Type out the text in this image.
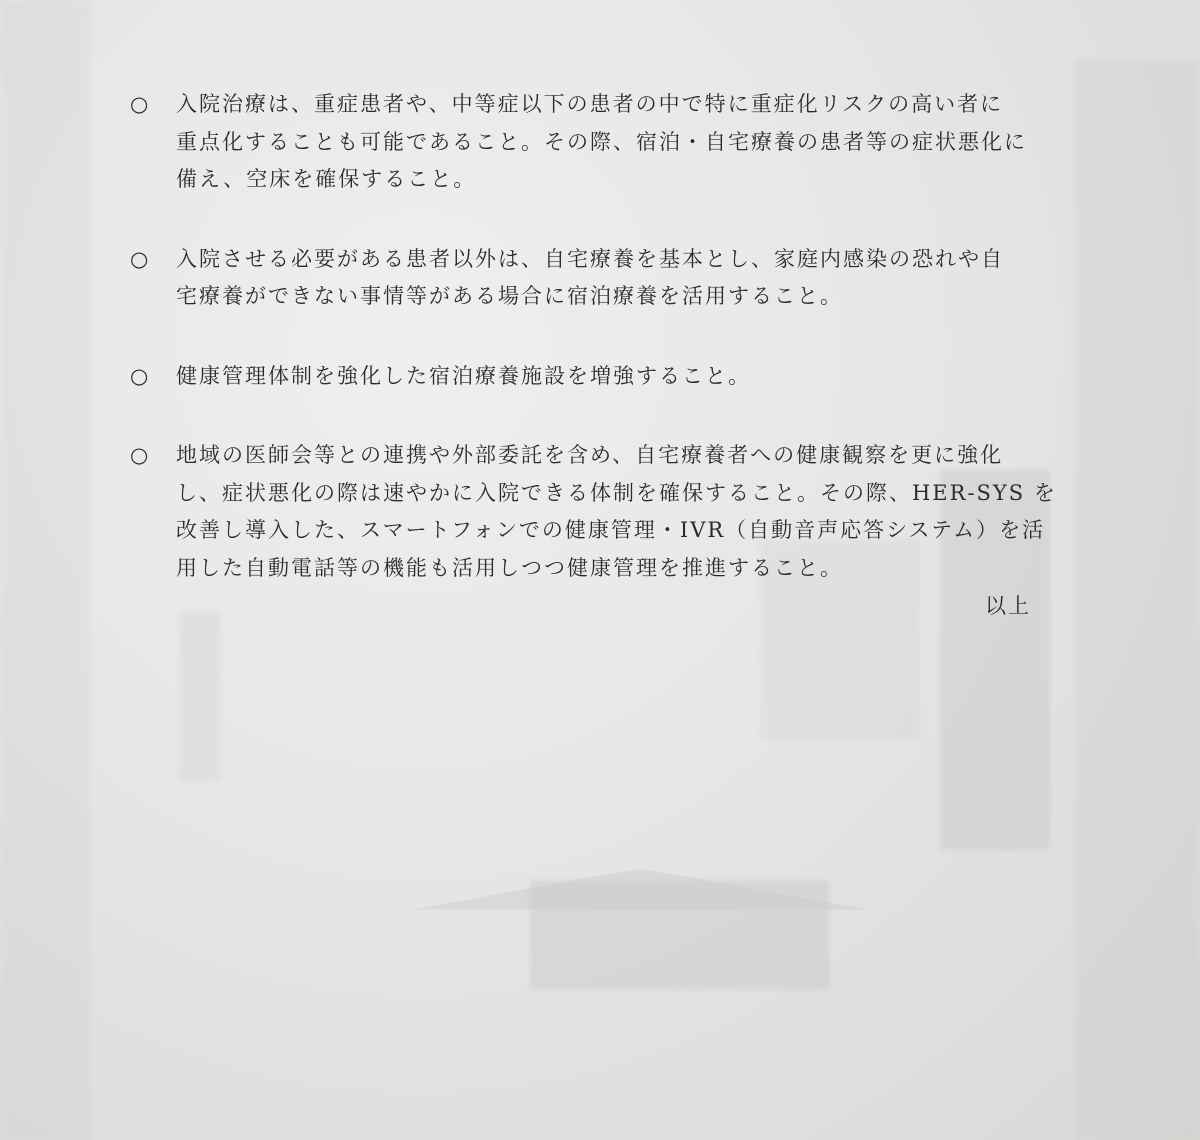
○ 入院治療は、重症患者や、中等症以下の患者の中で特に重症化リスクの高い者に
重点化することも可能であること。その際、宿泊・自宅療養の患者等の症状悪化に
備え、空床を確保すること。
○ 入院させる必要がある患者以外は、自宅療養を基本とし、家庭内感染の恐れや自
宅療養ができない事情等がある場合に宿泊療養を活用すること。
○ 健康管理体制を強化した宿泊療養施設を増強すること。
○ 地域の医師会等との連携や外部委託を含め、自宅療養者への健康観察を更に強化
し、症状悪化の際は速やかに入院できる体制を確保すること。その際、HER-SYS を
改善し導入した、スマートフォンでの健康管理・IVR（自動音声応答システム）を活
用した自動電話等の機能も活用しつつ健康管理を推進すること。
以上
